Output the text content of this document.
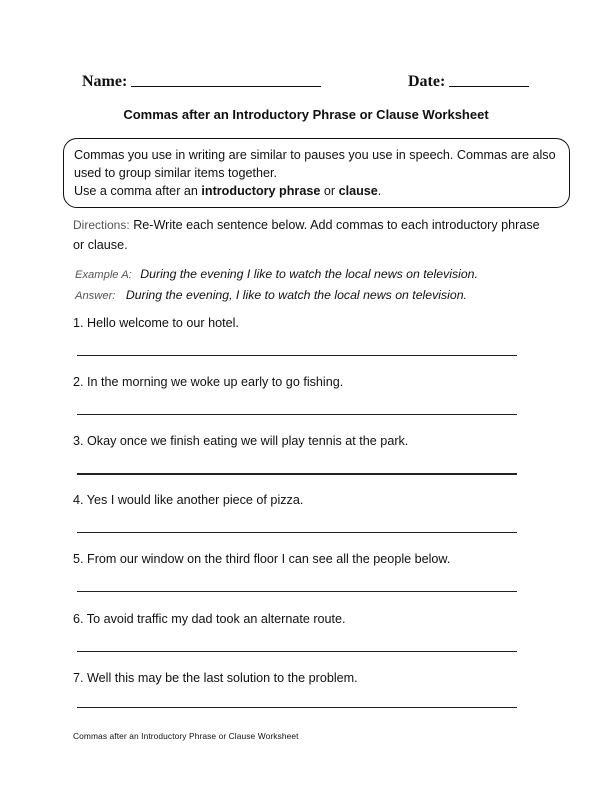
Name:	Date:
Commas after an Introductory Phrase or Clause Worksheet
Commas you use in writing are similar to pauses you use in speech. Commas are also used to group similar items together.
Use a comma after an introductory phrase or clause.
Directions: Re-Write each sentence below. Add commas to each introductory phrase or clause.
Example A: During the evening I like to watch the local news on television.
Answer: During the evening, I like to watch the local news on television.
1. Hello welcome to our hotel.
2. In the morning we woke up early to go fishing.
3. Okay once we finish eating we will play tennis at the park.
4. Yes I would like another piece of pizza.
5. From our window on the third floor I can see all the people below.
6. To avoid traffic my dad took an alternate route.
7. Well this may be the last solution to the problem.
Commas after an Introductory Phrase or Clause Worksheet
